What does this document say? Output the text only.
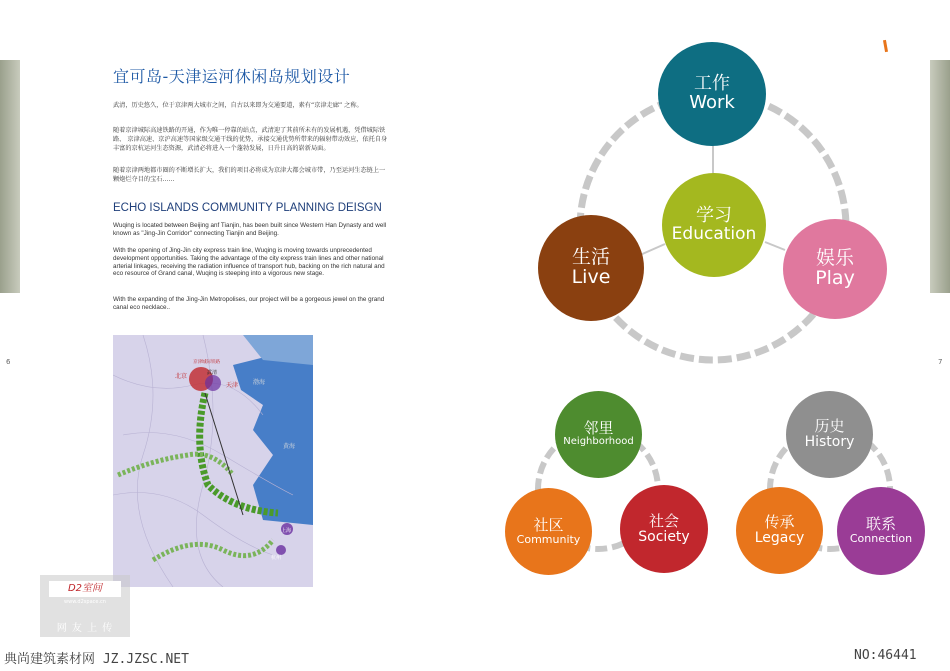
宜可岛-天津运河休闲岛规划设计
武清，历史悠久，位于京津两大城市之间，自古以来即为交通要道，素有“京津走廊” 之称。
随着京津城际高速铁路的开通，作为唯一停靠的站点，武清迎了其前所未有的发展机遇，凭借城际铁路、 京津高速、京沪高速等国家级交通干线的优势，承接交通优势所带来的辐射带动效应，依托自身丰富的京杭运河生态资源，武清必将进入一个蓬勃发展，日升日高的崭新局面。
随着京津两地都市圈的不断增长扩大，我们的项目必将成为京津大都会城市带，乃至运河生态链上一颗炮烂夺目的宝石......
ECHO ISLANDS COMMUNITY PLANNING DEISGN
Wuqing is located between Beijing anf Tianjin, has been built since Western Han Dynasty and well known as "Jing-Jin Corridor" connecting Tianjin and Beijing.
With the opening of Jing-Jin city express train line, Wuqing is moving towards unprecedented development opportunities. Taking the advantage of the city express train lines and other national arterial linkages, receiving the radiation influence of transport hub, backing on the rich natural and eco resource of Grand canal, Wuqing is steeping into a vigorous new stage.
With the expanding of the Jing-Jin Metropolises, our project will be a gorgeous jewel on the grand canal eco necklace..
6	7
京津城际铁路
北京	武清
天津 渤海
黄海
上海
杭州
D2室间
www.d2space.cn
网 友 上 传
工作
Work
学习
Education
生活
Live
娱乐
Play
邻里
Neighborhood
社区
Community
社会
Society
历史
History
传承
Legacy
联系
Connection
典尚建筑素材网 JZ.JZSC.NET	NO:46441
